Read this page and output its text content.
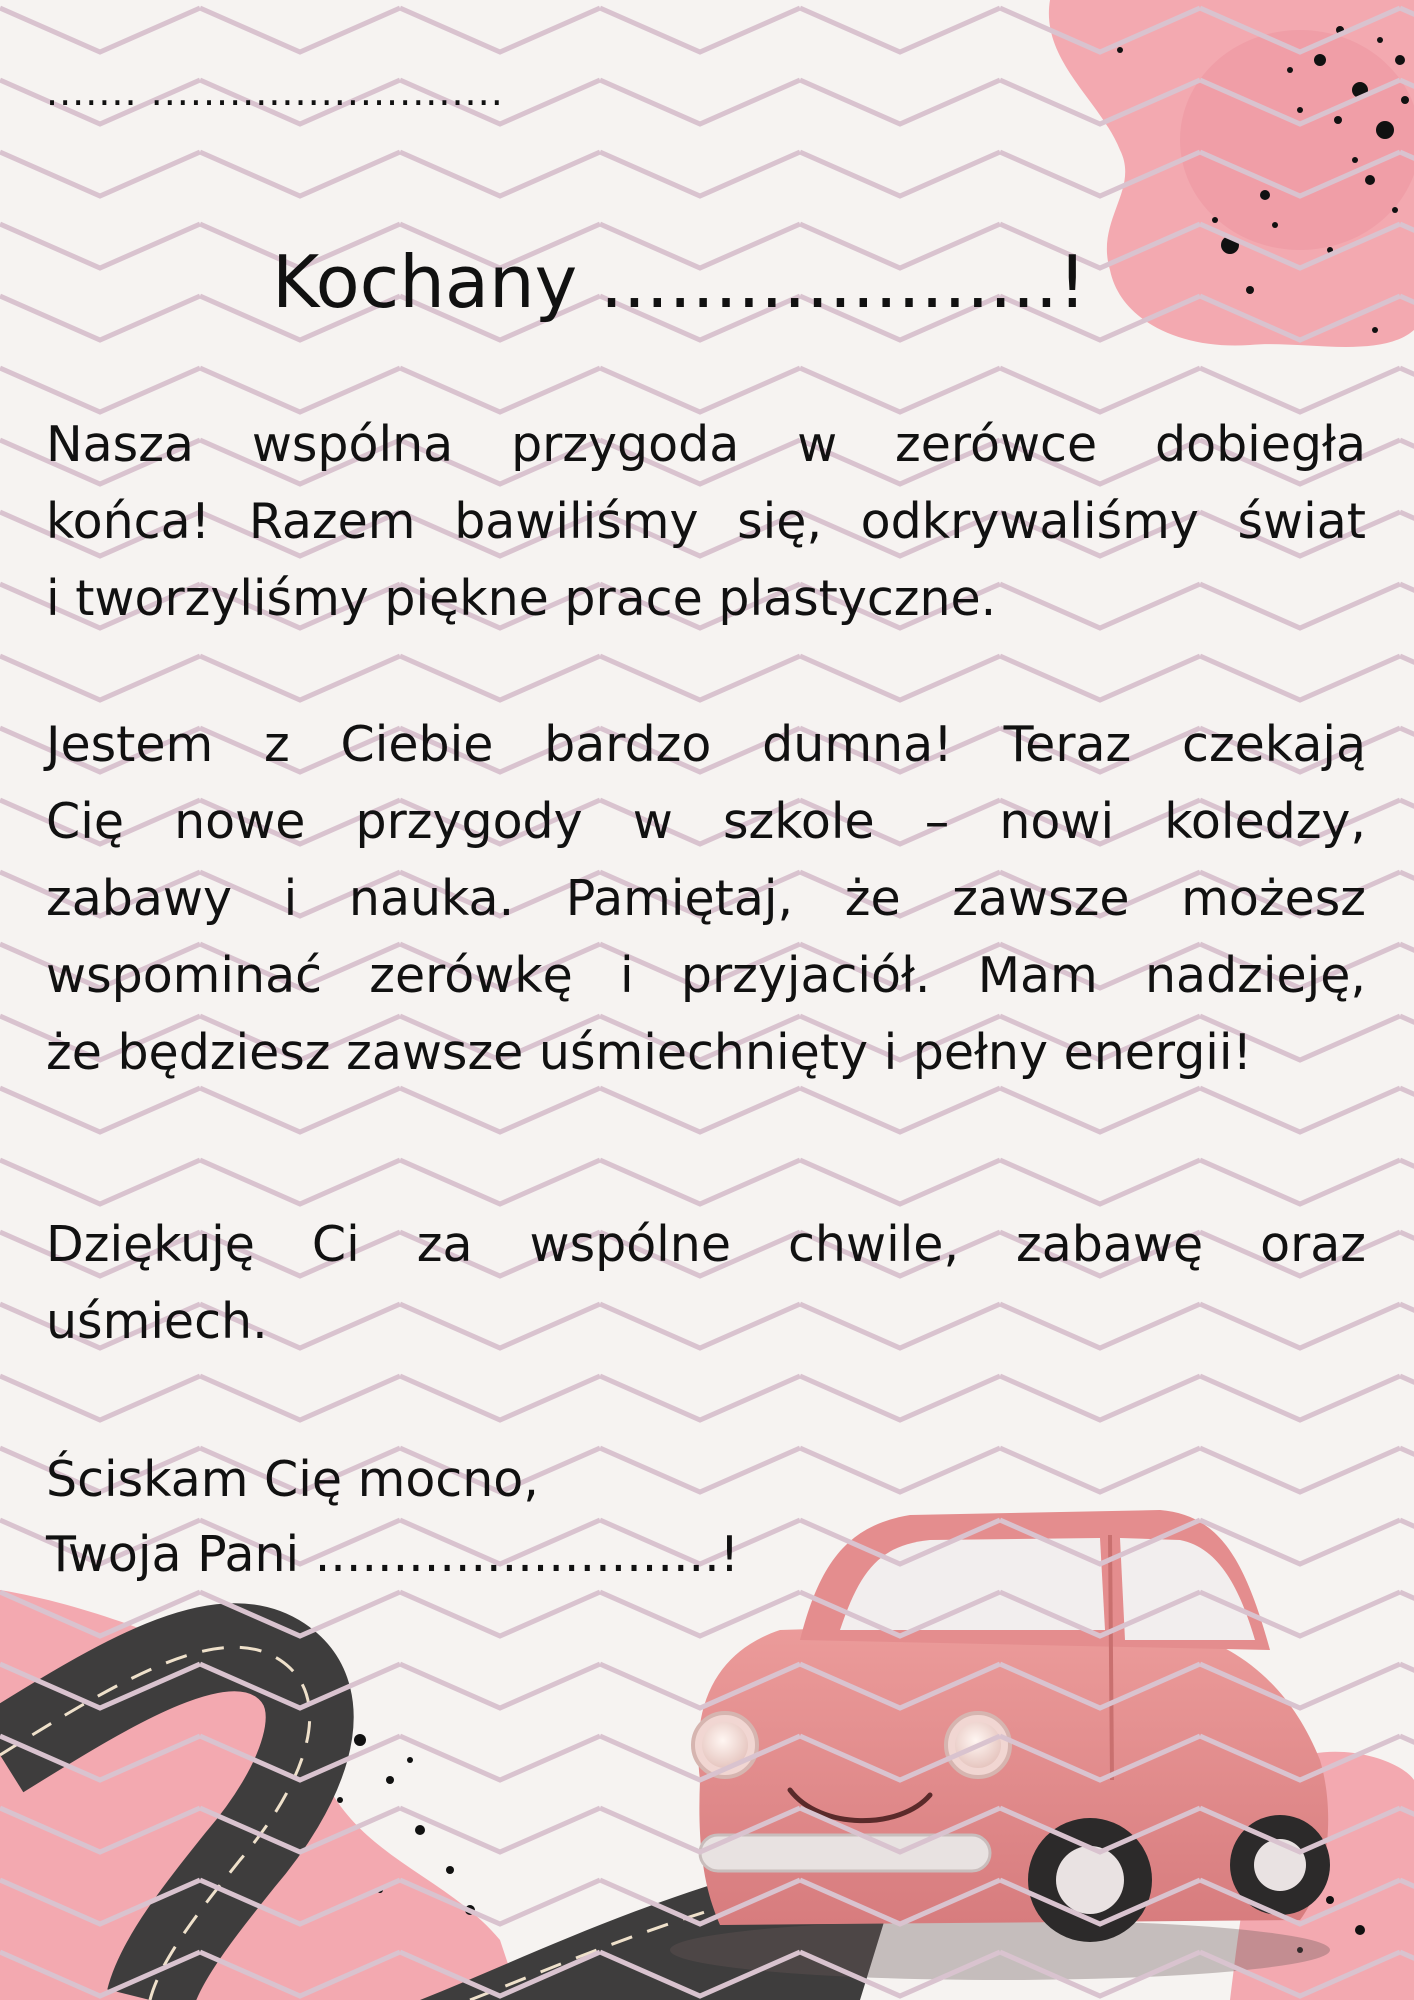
....... ...........................
Kochany ....................!
Nasza wspólna przygoda w zerówce dobiegła
końca! Razem bawiliśmy się, odkrywaliśmy świat
i tworzyliśmy piękne prace plastyczne.
Jestem z Ciebie bardzo dumna! Teraz czekają
Cię nowe przygody w szkole – nowi koledzy,
zabawy i nauka. Pamiętaj, że zawsze możesz
wspominać zerówkę i przyjaciół. Mam nadzieję,
że będziesz zawsze uśmiechnięty i pełny energii!
Dziękuję Ci za wspólne chwile, zabawę oraz
uśmiech.
Ściskam Cię mocno,
Twoja Pani ..........................!
